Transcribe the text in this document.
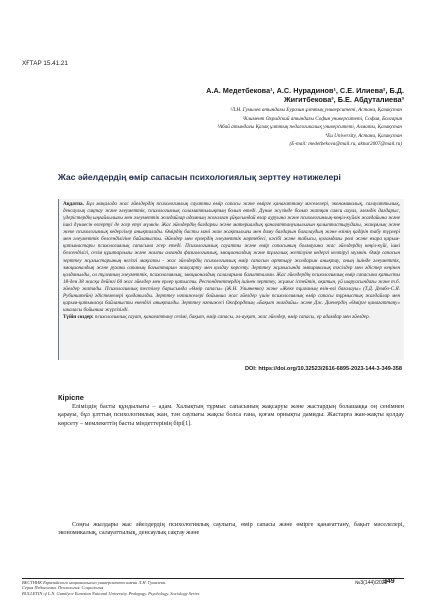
ХҒТАР 15.41.21
А.А. Медетбекова¹, А.С. Нурадинов¹, С.Е. Илиева², Б.Д. Жигитбекова³, Б.Е. Абдуталиева³
¹Л.Н. Гумилев атындағы Еуразия ұлттық университеті, Астана, Қазақстан
²Климент Охридский атындағы София университеті, София, Болгария
³Абай атындағы Қазақ ұлттық педагогикалық университеті, Алматы, Қазақстан
⁴Eu University, Астана, Қазақстан
(E-mail: medetbekova@mail.ru, aknur2007@mail.ru)
Жас әйелдердің өмір сапасын психологиялық зерттеу нәтижелері
Аңдатпа. Бұл мақалада жас әйелдердің психологиялық сауатты өмір сапасы және өмірге қанағаттану мәселелері, экономикалық, салауаттылық, денсаулық сақтау және әлеуметтік, психологиялық саламаттылықтың болып өтеді. Дүние жүзінде болып жатқан саяси ахуал, әлемдік дағдарыс, үдерістердің ыңғайлылығы мен әлеуметтік жағдайлар адамның жоғалған ұйқасындай өзар ауруына және психологиялық-көңіл-күйлік жағдайына және ішкі дүниесін өзгертуі де әсер етуі мүмкін. Жас әйелдердің бағдарлы және материалдық қанағаттанушылығын қалыптастырудағы, жанұялық және жеке психологиялық кедергілер анықталады. Өмірдің басты мәні жан жақтылығы мен даму бағдарын бағалаудың және өзінің қадірін табу түрлері мен әлеуметтік белсенділігіне байланысты. Әйелдер мен ерлердің әлеуметтік мәртебесі, кәсібі және табысы, қоғамдағы рөлі және өзара қарым-қатынастары психологиялық сапасына әсер етеді. Психологиялық сауатты және өмір сапасының болмауына жас әйелдердің көңіл-күйі, ішкі белсенділігі, сезім құштарлығы және жалпы алғанда физиологиялық, эмоционалдық және тұлғалық жетілуіне кедергі келтіруі мүмкін. Өмір сапасын зерттеу жұмыстарының негізгі мақсаты - жас әйелдердің психологиялық өмір сапасын арттыру жолдарын анықтау, оның ішінде әлеуметтік, эмоционалдық және рухани сапаның бағыттарын жақсарту мен қолдау көрсету. Зерттеу жұмысында эмпирикалық тәсілдер мен әдістер кеңінен қолданылды, ол тұлғаның әлеуметтік, психологиялық, эмоционалдық салаларына бағытталған. Жас әйелдердің психологиялық өмір сапасына қатысты 18-ден 38 жасқа дейінгі 60 жас әйелдер мен ерлер қатысты. Респонденттердің ішінен зерттеу, жұмыс істейтін, оқитын, үй шаруасындағы және т.б. әйелдер жатады. Психологиялық тестілеу барысында «Өмір сапасы» (Ж.Н. Ульяненко) және «Жеке тұлғаның өзін-өзі бағалауы» (Т.Д. Дембо-С.Я. Рубинштейн) әдістемелері қолданылды. Зерттеу нәтижелері бойынша жас әйелдер үшін психологиялық өмір сапасы тұрмыстық жағдайлар мен қарым-қатынасқа байланысты екендігі анықталды. Зерттеу нәтижесі Оксфордтың «Бақыт жағдайы» және Дж. Диенердің «Өмірге қанағаттану» шкаласы бойынша жүргізілді.
Түйін сөздер: психологиялық сауат, қанағаттану сезімі, бақыт, өмір сапасы, әл-ауқат, жас әйелдер, өмір сапасы, ер адамдар мен әйелдер.
DOI: https://doi.org/10.32523/2616-6895-2023-144-3-349-358
Кіріспе

Еліміздің басты құндылығы – адам. Халықтың тұрмыс сапасының жақсаруы және жастардың болашаққа оң сенімнен қарауы, бұл ұлттың психологиялық жан, тән саулығы жақсы болса ғана, қоғам орнықты дамиды. Жастарға жан-жақты қолдау көрсету – мемлекеттің басты міндеттерінің бірі[1].

Соңғы жылдары жас әйелдердің психологиялық саулығы, өмір сапасы және өмірге қанағаттану, бақыт мәселелері, экономикалық, салауаттылық, денсаулық сақтау және

ВЕСТНИК Евразийского национального университета имени Л.Н. Гумилева.
Серия Педагогика. Психология. Социология
BULLETIN of L.N. Gumilyov Eurasian National University. Pedagogy. Psychology. Sociology Series
№3(144)/2023
349
